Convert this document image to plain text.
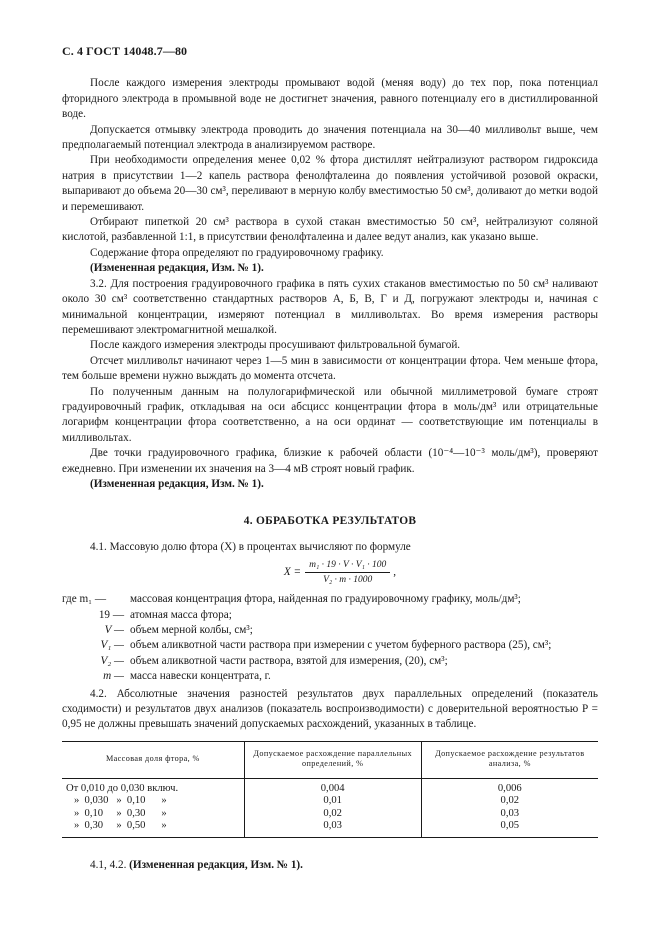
С. 4 ГОСТ 14048.7—80

После каждого измерения электроды промывают водой (меняя воду) до тех пор, пока потенциал фторидного электрода в промывной воде не достигнет значения, равного потенциалу его в дистиллированной воде.

Допускается отмывку электрода проводить до значения потенциала на 30—40 милливольт выше, чем предполагаемый потенциал электрода в анализируемом растворе.

При необходимости определения менее 0,02 % фтора дистиллят нейтрализуют раствором гидроксида натрия в присутствии 1—2 капель раствора фенолфталеина до появления устойчивой розовой окраски, выпаривают до объема 20—30 см³, переливают в мерную колбу вместимостью 50 см³, доливают до метки водой и перемешивают.

Отбирают пипеткой 20 см³ раствора в сухой стакан вместимостью 50 см³, нейтрализуют соляной кислотой, разбавленной 1:1, в присутствии фенолфталеина и далее ведут анализ, как указано выше.

Содержание фтора определяют по градуировочному графику.

(Измененная редакция, Изм. № 1).

3.2. Для построения градуировочного графика в пять сухих стаканов вместимостью по 50 см³ наливают около 30 см³ соответственно стандартных растворов А, Б, В, Г и Д, погружают электроды и, начиная с минимальной концентрации, измеряют потенциал в милливольтах. Во время измерения растворы перемешивают электромагнитной мешалкой.

После каждого измерения электроды просушивают фильтровальной бумагой.

Отсчет милливольт начинают через 1—5 мин в зависимости от концентрации фтора. Чем меньше фтора, тем больше времени нужно выждать до момента отсчета.

По полученным данным на полулогарифмической или обычной миллиметровой бумаге строят градуировочный график, откладывая на оси абсцисс концентрации фтора в моль/дм³ или отрицательные логарифм концентрации фтора соответственно, а на оси ординат — соответствующие им потенциалы в милливольтах.

Две точки градуировочного графика, близкие к рабочей области (10⁻⁴—10⁻³ моль/дм³), проверяют ежедневно. При изменении их значения на 3—4 мВ строят новый график.

(Измененная редакция, Изм. № 1).

4. ОБРАБОТКА РЕЗУЛЬТАТОВ

4.1. Массовую долю фтора (X) в процентах вычисляют по формуле

$X = \frac{\text{m₁ · 19 · V · V₁ · 100}}{\text{V₂ · m · 1000}}$ ,
где m₁ —	массовая концентрация фтора, найденная по градуировочному графику, моль/дм³;
19 — атомная масса фтора;
V — объем мерной колбы, см³;
V₁ — объем аликвотной части раствора при измерении с учетом буферного раствора (25), см³;
V₂ — объем аликвотной части раствора, взятой для измерения, (20), см³;
m — масса навески концентрата, г.

4.2. Абсолютные значения разностей результатов двух параллельных определений (показатель сходимости) и результатов двух анализов (показатель воспроизводимости) с доверительной вероятностью P = 0,95 не должны превышать значений допускаемых расхождений, указанных в таблице.

Массовая доля фтора, %	Допускаемое расхождение параллельных определений, %	Допускаемое расхождение результатов анализа, %
От 0,010 до 0,030 включ.	0,004	0,006
»  0,030   »  0,10      »	0,01	0,02
»  0,10     »  0,30      »	0,02	0,03
»  0,30     »  0,50      »	0,03	0,05

4.1, 4.2. (Измененная редакция, Изм. № 1).
